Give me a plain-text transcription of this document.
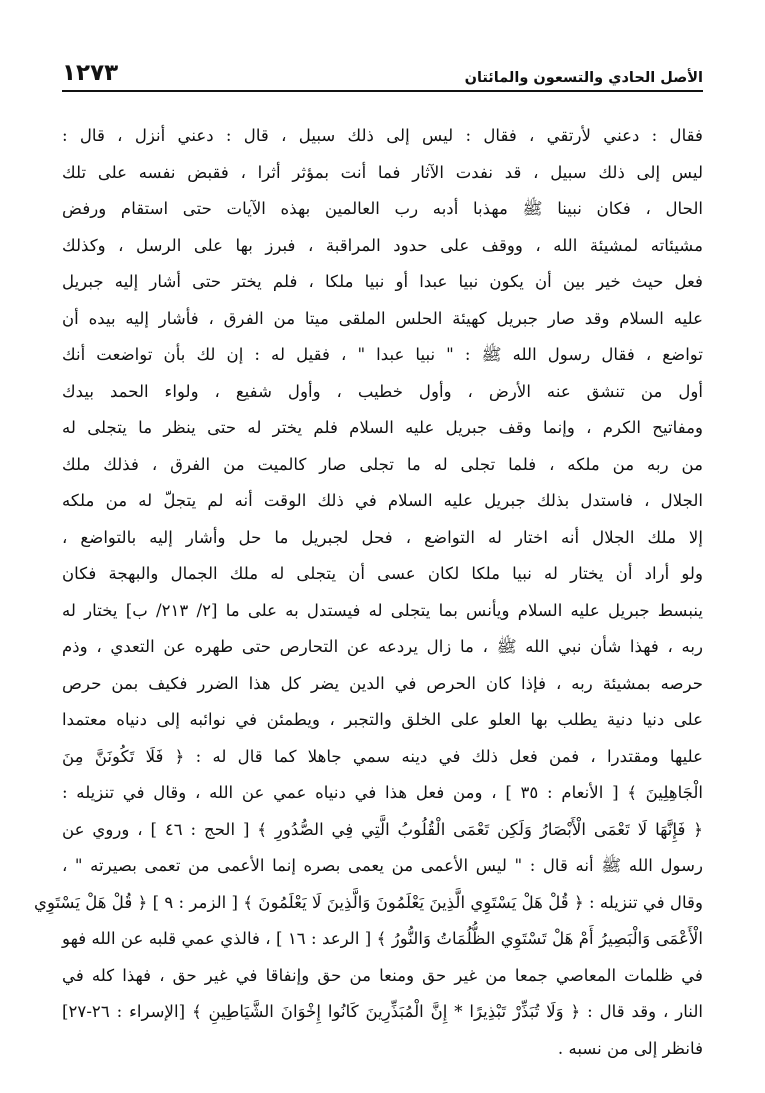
١٢٧٣	الأصل الحادي والتسعون والمائتان
فقال : دعني لأرتقي ، فقال : ليس إلى ذلك سبيل ، قال : دعني أنزل ، قال :
ليس إلى ذلك سبيل ، قد نفدت الآثار فما أنت بمؤثر أثرا ، فقبض نفسه على تلك
الحال ، فكان نبينا ﷺ مهذبا أدبه رب العالمين بهذه الآيات حتى استقام ورفض
مشيئاته لمشيئة الله ، ووقف على حدود المراقبة ، فبرز بها على الرسل ، وكذلك
فعل حيث خير بين أن يكون نبيا عبدا أو نبيا ملكا ، فلم يختر حتى أشار إليه جبريل
عليه السلام وقد صار جبريل كهيئة الحلس الملقى ميتا من الفرق ، فأشار إليه بيده أن
تواضع ، فقال رسول الله ﷺ : " نبيا عبدا " ، فقيل له : إن لك بأن تواضعت أنك
أول من تنشق عنه الأرض ، وأول خطيب ، وأول شفيع ، ولواء الحمد بيدك
ومفاتيح الكرم ، وإنما وقف جبريل عليه السلام فلم يختر له حتى ينظر ما يتجلى له
من ربه من ملكه ، فلما تجلى له ما تجلى صار كالميت من الفرق ، فذلك ملك
الجلال ، فاستدل بذلك جبريل عليه السلام في ذلك الوقت أنه لم يتجلّ له من ملكه
إلا ملك الجلال أنه اختار له التواضع ، فحل لجبريل ما حل وأشار إليه بالتواضع ،
ولو أراد أن يختار له نبيا ملكا لكان عسى أن يتجلى له ملك الجمال والبهجة فكان
ينبسط جبريل عليه السلام ويأنس بما يتجلى له فيستدل به على ما [٢/ ٢١٣/ ب] يختار له
ربه ، فهذا شأن نبي الله ﷺ ، ما زال يردعه عن التحارص حتى طهره عن التعدي ، وذم
حرصه بمشيئة ربه ، فإذا كان الحرص في الدين يضر كل هذا الضرر فكيف بمن حرص
على دنيا دنية يطلب بها العلو على الخلق والتجبر ، ويطمئن في نوائبه إلى دنياه معتمدا
عليها ومقتدرا ، فمن فعل ذلك في دينه سمي جاهلا كما قال له : ﴿ فَلَا تَكُونَنَّ مِنَ
الْجَاهِلِينَ ﴾ [ الأنعام : ٣٥ ] ، ومن فعل هذا في دنياه عمي عن الله ، وقال في تنزيله :
﴿ فَإِنَّهَا لَا تَعْمَى الْأَبْصَارُ وَلَكِن تَعْمَى الْقُلُوبُ الَّتِي فِي الصُّدُورِ ﴾ [ الحج : ٤٦ ] ، وروي عن
رسول الله ﷺ أنه قال : " ليس الأعمى من يعمى بصره إنما الأعمى من تعمى بصيرته " ،
وقال في تنزيله : ﴿ قُلْ هَلْ يَسْتَوِي الَّذِينَ يَعْلَمُونَ وَالَّذِينَ لَا يَعْلَمُونَ ﴾ [ الزمر : ٩ ] ﴿ قُلْ هَلْ يَسْتَوِي
الْأَعْمَى وَالْبَصِيرُ أَمْ هَلْ تَسْتَوِي الظُّلُمَاتُ وَالنُّورُ ﴾ [ الرعد : ١٦ ] ، فالذي عمي قلبه عن الله فهو
في ظلمات المعاصي جمعا من غير حق ومنعا من حق وإنفاقا في غير حق ، فهذا كله في
النار ، وقد قال : ﴿ وَلَا تُبَذِّرْ تَبْذِيرًا * إِنَّ الْمُبَذِّرِينَ كَانُوا إِخْوَانَ الشَّيَاطِينِ ﴾ [الإسراء : ٢٦-٢٧]
فانظر إلى من نسبه .
